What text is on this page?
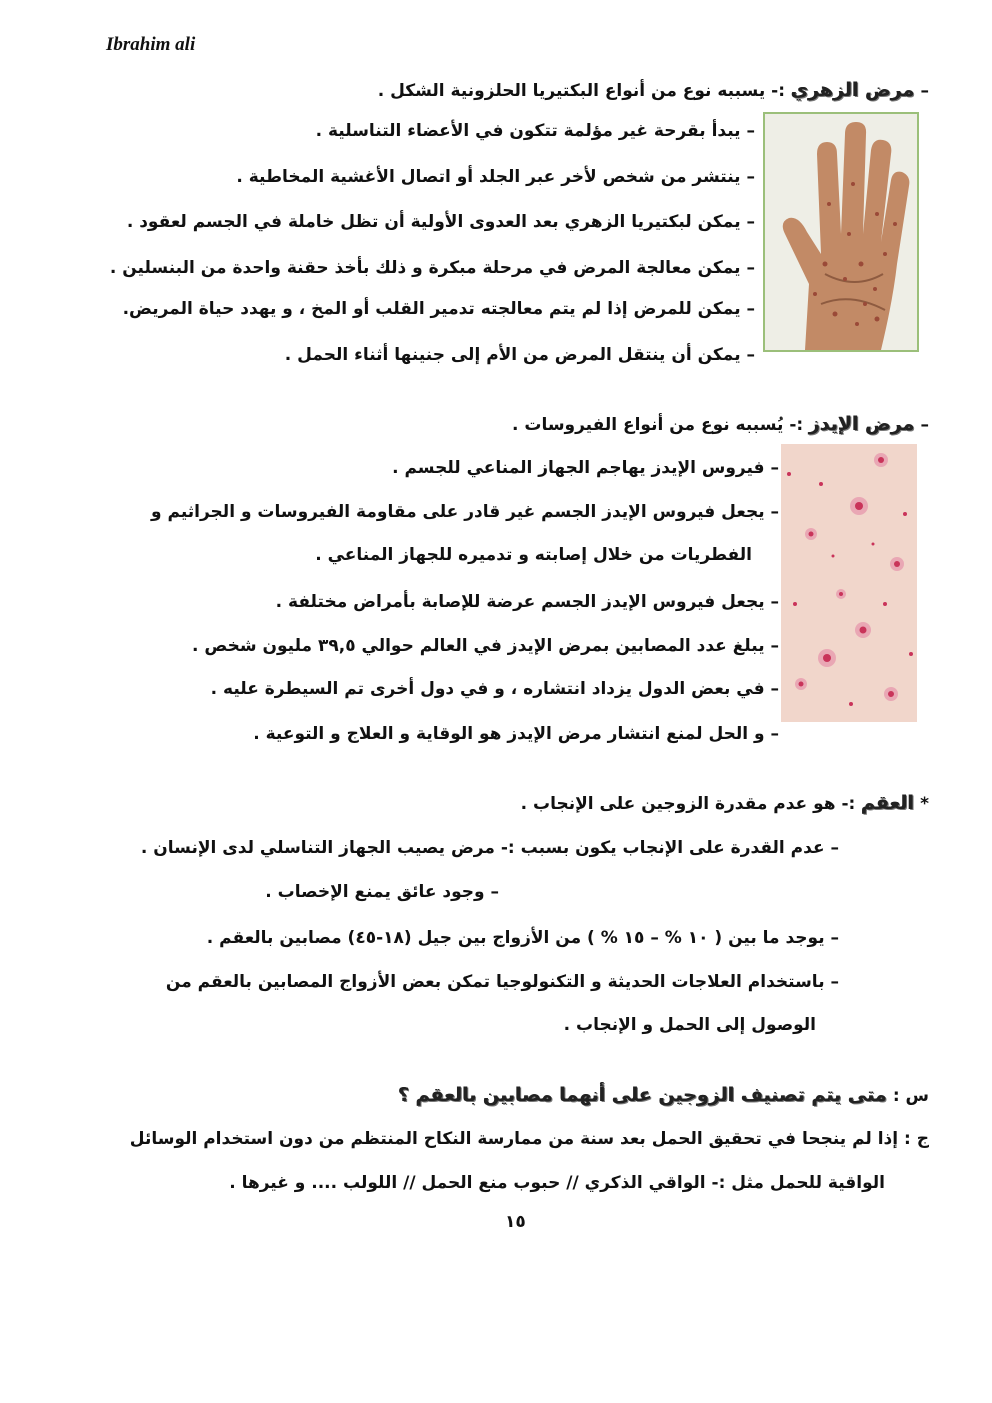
Ibrahim ali
– مرض الزهري :- يسببه نوع من أنواع البكتيريا الحلزونية الشكل .
– يبدأ بقرحة غير مؤلمة تتكون في الأعضاء التناسلية .
– ينتشر من شخص لأخر عبر الجلد أو اتصال الأغشية المخاطية .
– يمكن لبكتيريا الزهري بعد العدوى الأولية أن تظل خاملة في الجسم لعقود .
– يمكن معالجة المرض في مرحلة مبكرة و ذلك بأخذ حقنة واحدة من البنسلين .
– يمكن للمرض إذا لم يتم معالجته تدمير القلب أو المخ ، و يهدد حياة المريض.
– يمكن أن ينتقل المرض من الأم إلى جنينها أثناء الحمل .
– مرض الإيدز :- يُسببه نوع من أنواع الفيروسات .
– فيروس الإيدز يهاجم الجهاز المناعي للجسم .
– يجعل فيروس الإيدز الجسم غير قادر على مقاومة الفيروسات و الجراثيم و
الفطريات من خلال إصابته و تدميره للجهاز المناعي .
– يجعل فيروس الإيدز الجسم عرضة للإصابة بأمراض مختلفة .
– يبلغ عدد المصابين بمرض الإيدز في العالم حوالي ٣٩,٥ مليون شخص .
– في بعض الدول يزداد انتشاره ، و في دول أخرى تم السيطرة عليه .
– و الحل لمنع انتشار مرض الإيدز هو الوقاية و العلاج و التوعية .
* العقم :- هو عدم مقدرة الزوجين على الإنجاب .
– عدم القدرة على الإنجاب يكون بسبب :- مرض يصيب الجهاز التناسلي لدى الإنسان .
– وجود عائق يمنع الإخصاب .
– يوجد ما بين ( ١٠ % – ١٥ % ) من الأزواج بين جيل (١٨-٤٥) مصابين بالعقم .
– باستخدام العلاجات الحديثة و التكنولوجيا تمكن بعض الأزواج المصابين بالعقم من
الوصول إلى الحمل و الإنجاب .
س : متى يتم تصنيف الزوجين على أنهما مصابين بالعقم ؟
ج : إذا لم ينجحا في تحقيق الحمل بعد سنة من ممارسة النكاح المنتظم من دون استخدام الوسائل
الواقية للحمل مثل :- الواقي الذكري // حبوب منع الحمل // اللولب .... و غيرها .
١٥
